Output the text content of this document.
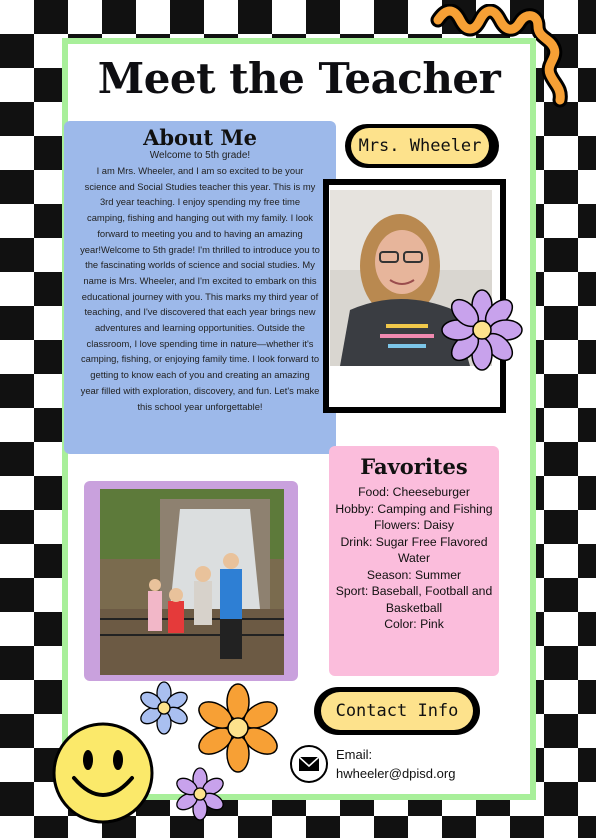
Meet the Teacher
About Me
Welcome to 5th grade!
I am Mrs. Wheeler, and I am so excited to be your science and Social Studies teacher this year. This is my 3rd year teaching. I enjoy spending my free time camping, fishing and hanging out with my family. I look forward to meeting you and to having an amazing year!Welcome to 5th grade! I'm thrilled to introduce you to the fascinating worlds of science and social studies. My name is Mrs. Wheeler, and I'm excited to embark on this educational journey with you. This marks my third year of teaching, and I've discovered that each year brings new adventures and learning opportunities. Outside the classroom, I love spending time in nature—whether it's camping, fishing, or enjoying family time. I look forward to getting to know each of you and creating an amazing year filled with exploration, discovery, and fun. Let's make this school year unforgettable!
Mrs. Wheeler
Favorites
Food: Cheeseburger
Hobby: Camping and Fishing
Flowers: Daisy
Drink: Sugar Free Flavored Water
Season: Summer
Sport: Baseball, Football and Basketball
Color: Pink
Contact Info
Email:
hwheeler@dpisd.org
